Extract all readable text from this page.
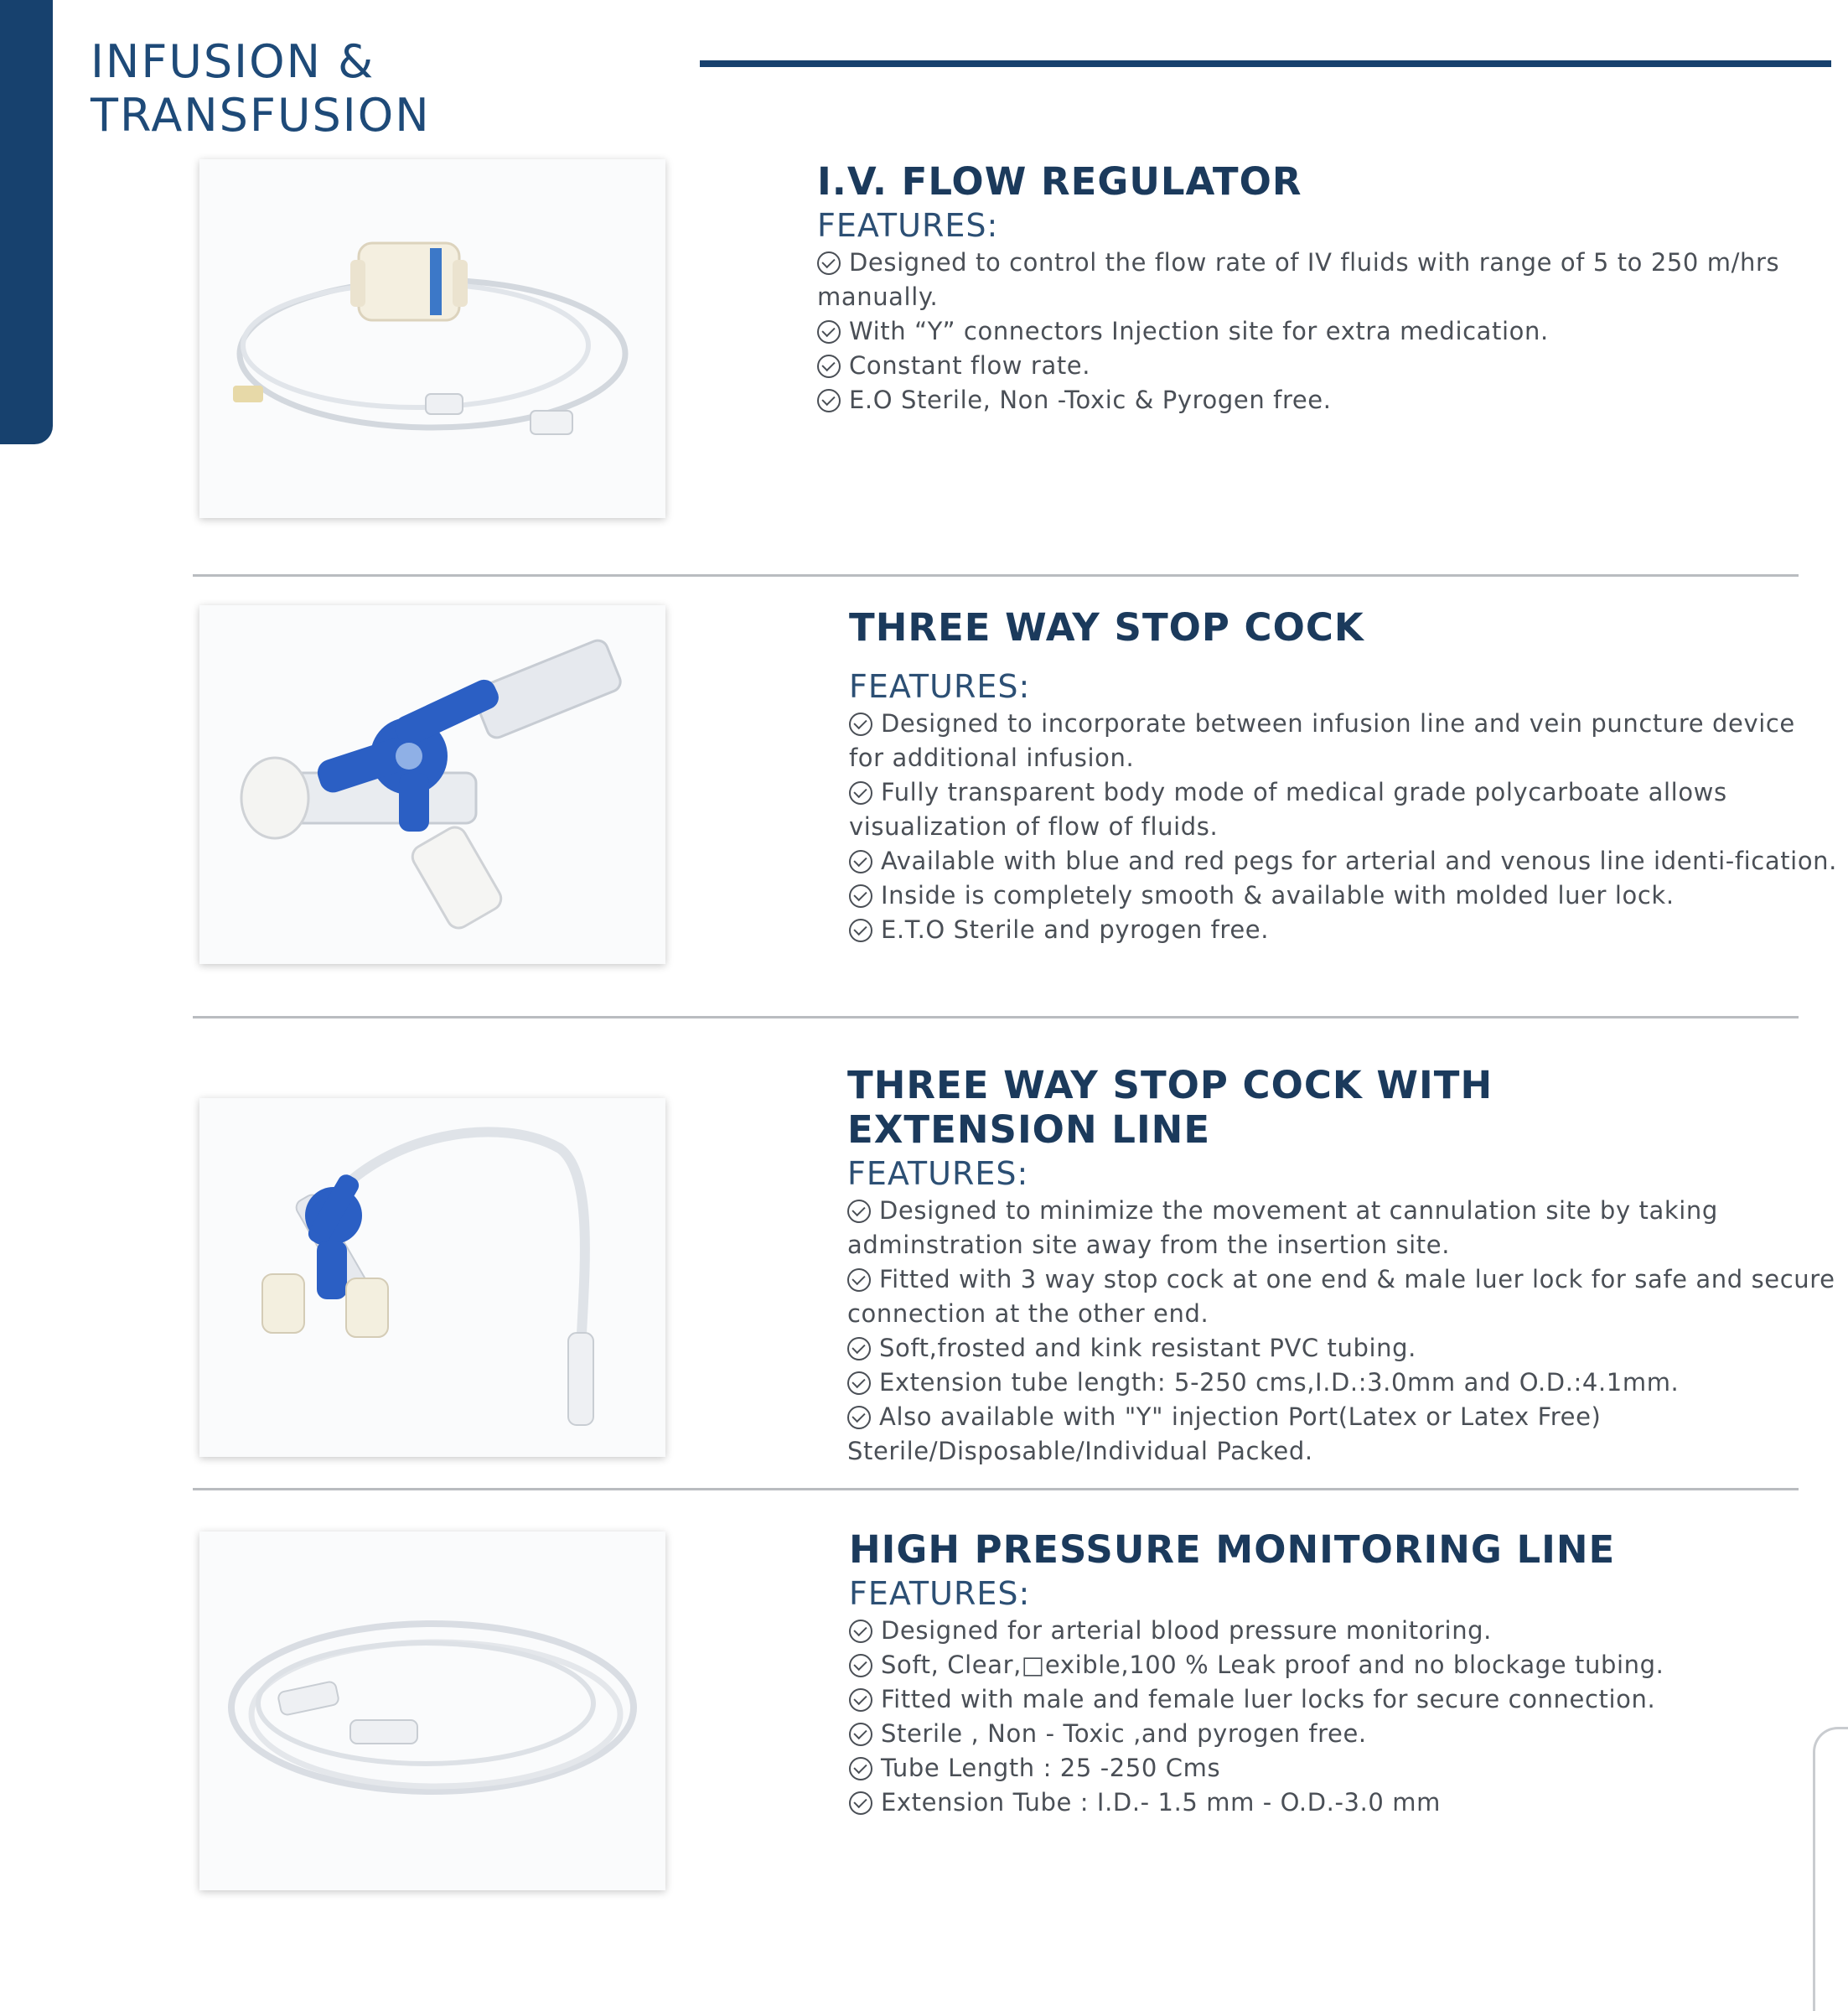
INFUSION &
TRANSFUSION
I.V. FLOW REGULATOR
FEATURES:
Designed to control the flow rate of IV fluids with range of 5 to 250 m/hrs manually.
With “Y” connectors Injection site for extra medication.
Constant flow rate.
E.O Sterile, Non -Toxic & Pyrogen free.
THREE WAY STOP COCK
FEATURES:
Designed to incorporate between infusion line and vein puncture device for additional infusion.
Fully transparent body mode of medical grade polycarboate allows visualization of flow of fluids.
Available with blue and red pegs for arterial and venous line identi-fication.
Inside is completely smooth & available with molded luer lock.
E.T.O Sterile and pyrogen free.
THREE WAY STOP COCK WITH
EXTENSION LINE
FEATURES:
Designed to minimize the movement at cannulation site by taking adminstration site away from the insertion site.
Fitted with 3 way stop cock at one end & male luer lock for safe and secure connection at the other end.
Soft,frosted and kink resistant PVC tubing.
Extension tube length: 5-250 cms,I.D.:3.0mm and O.D.:4.1mm.
Also available with "Y" injection Port(Latex or Latex Free) Sterile/Disposable/Individual Packed.
HIGH PRESSURE MONITORING LINE
FEATURES:
Designed for arterial blood pressure monitoring.
Soft, Clear,□exible,100 % Leak proof and no blockage tubing.
Fitted with male and female luer locks for secure connection.
Sterile , Non - Toxic ,and pyrogen free.
Tube Length : 25 -250 Cms
Extension Tube : I.D.- 1.5 mm - O.D.-3.0 mm
